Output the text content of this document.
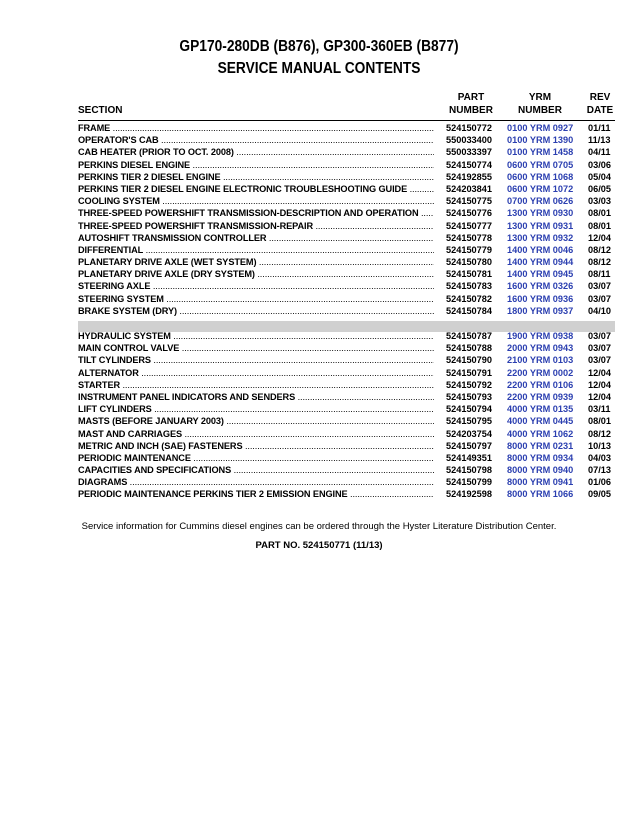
GP170-280DB (B876), GP300-360EB (B877)
SERVICE MANUAL CONTENTS
SECTION
PART
NUMBER
YRM
NUMBER
REV
DATE
FRAME .....	524150772	0100 YRM 0927	01/11
OPERATOR'S CAB .....	550033400	0100 YRM 1390	11/13
CAB HEATER (PRIOR TO OCT. 2008) .....	550033397	0100 YRM 1458	04/11
PERKINS DIESEL ENGINE .....	524150774	0600 YRM 0705	03/06
PERKINS TIER 2 DIESEL ENGINE .....	524192855	0600 YRM 1068	05/04
PERKINS TIER 2 DIESEL ENGINE ELECTRONIC TROUBLESHOOTING GUIDE .....	524203841	0600 YRM 1072	06/05
COOLING SYSTEM .....	524150775	0700 YRM 0626	03/03
THREE-SPEED POWERSHIFT TRANSMISSION-DESCRIPTION AND OPERATION .....	524150776	1300 YRM 0930	08/01
THREE-SPEED POWERSHIFT TRANSMISSION-REPAIR .....	524150777	1300 YRM 0931	08/01
AUTOSHIFT TRANSMISSION CONTROLLER .....	524150778	1300 YRM 0932	12/04
DIFFERENTIAL .....	524150779	1400 YRM 0046	08/12
PLANETARY DRIVE AXLE (WET SYSTEM) .....	524150780	1400 YRM 0944	08/12
PLANETARY DRIVE AXLE (DRY SYSTEM) .....	524150781	1400 YRM 0945	08/11
STEERING AXLE .....	524150783	1600 YRM 0326	03/07
STEERING SYSTEM .....	524150782	1600 YRM 0936	03/07
BRAKE SYSTEM (DRY) .....	524150784	1800 YRM 0937	04/10
HYDRAULIC SYSTEM .....	524150787	1900 YRM 0938	03/07
MAIN CONTROL VALVE .....	524150788	2000 YRM 0943	03/07
TILT CYLINDERS .....	524150790	2100 YRM 0103	03/07
ALTERNATOR .....	524150791	2200 YRM 0002	12/04
STARTER .....	524150792	2200 YRM 0106	12/04
INSTRUMENT PANEL INDICATORS AND SENDERS .....	524150793	2200 YRM 0939	12/04
LIFT CYLINDERS .....	524150794	4000 YRM 0135	03/11
MASTS (BEFORE JANUARY 2003) .....	524150795	4000 YRM 0445	08/01
MAST AND CARRIAGES .....	524203754	4000 YRM 1062	08/12
METRIC AND INCH (SAE) FASTENERS .....	524150797	8000 YRM 0231	10/13
PERIODIC MAINTENANCE .....	524149351	8000 YRM 0934	04/03
CAPACITIES AND SPECIFICATIONS .....	524150798	8000 YRM 0940	07/13
DIAGRAMS .....	524150799	8000 YRM 0941	01/06
PERIODIC MAINTENANCE PERKINS TIER 2 EMISSION ENGINE .....	524192598	8000 YRM 1066	09/05
Service information for Cummins diesel engines can be ordered through the Hyster Literature Distribution Center.
PART NO. 524150771 (11/13)
